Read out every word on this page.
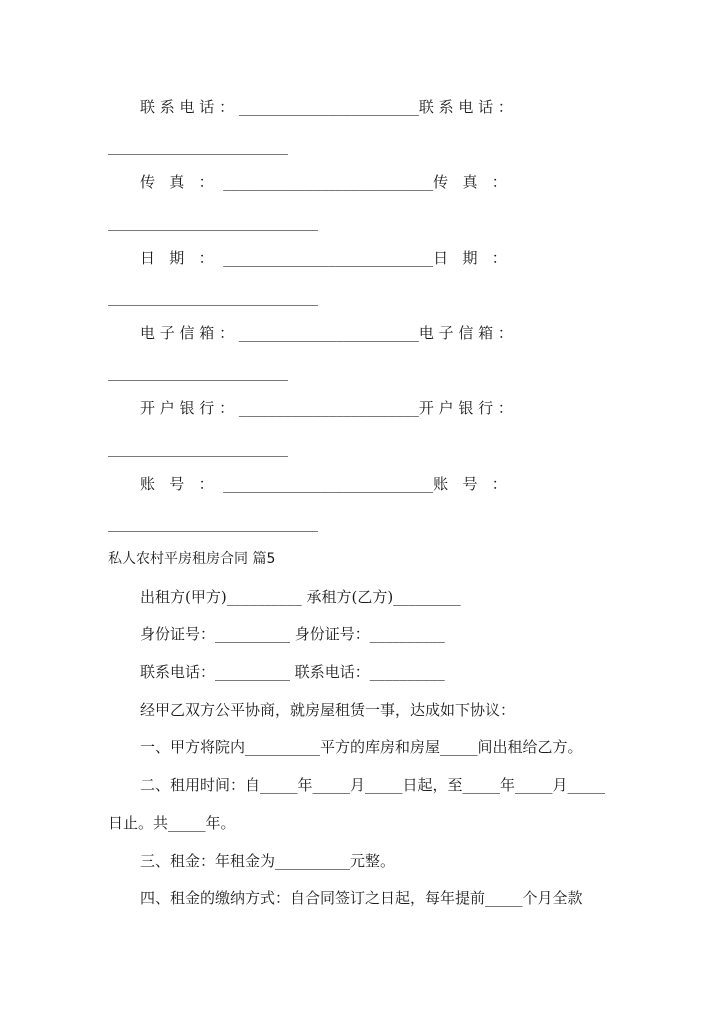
联 系 电 话 ： ________________________联 系 电 话 ：
________________________
传   真   ：  ____________________________传   真   ：
____________________________
日   期   ：  ____________________________日   期   ：
____________________________
电 子 信 箱 ： ________________________电 子 信 箱 ：
________________________
开 户 银 行 ： ________________________开 户 银 行 ：
________________________
账   号   ：  ____________________________账   号   ：
____________________________
私人农村平房租房合同 篇5
出租方(甲方)__________ 承租方(乙方)_________
身份证号：__________ 身份证号：__________
联系电话：__________ 联系电话：__________
经甲乙双方公平协商，就房屋租赁一事，达成如下协议：
一、甲方将院内__________平方的库房和房屋_____间出租给乙方。
二、租用时间：自_____年_____月_____日起，至_____年_____月_____
日止。共_____年。
三、租金：年租金为__________元整。
四、租金的缴纳方式：自合同签订之日起，每年提前_____个月全款
